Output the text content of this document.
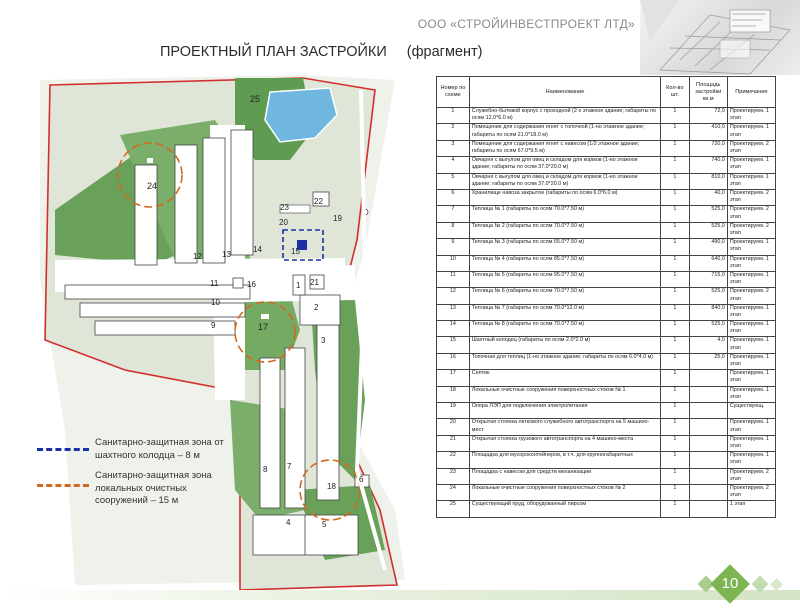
ООО «СТРОЙИНВЕСТПРОЕКТ ЛТД»
ПРОЕКТНЫЙ ПЛАН ЗАСТРОЙКИ (фрагмент)
25
24
23
22
20	19
15
12	13
14
11	16	1 21
10
2
9	17
3
8 7
18
6
4	5
Санитарно-защитная зона от шахтного колодца – 8 м
Санитарно-защитная зона локальных очистных сооружений – 15 м
Номер по схеме	Наименование	Кол-во шт.	Площадь застройки кв.м	Примечание
1	Служебно-бытовой корпус с проходной (2-х этажное здание; габариты по осям 12.0*6.0 м)	1	72,0	Проектируем. 1 этап
2	Помещение для содержания ягнят с топочной (1-но этажное здание; габариты по осям 21.0*18.0 м)	1	410,0	Проектируем. 1 этап
3	Помещение для содержания ягнят с навесом (1/2 этажное здание; габариты по осям 67.0*9.5 м)	1	720,0	Проектируем. 2 этап
4	Овчарня с выгулом для овец и складом для кормов (1-но этажное здание; габариты по осям 37.0*20.0 м)	1	740,0	Проектируем. 1 этап
5	Овчарня с выгулом для овец и складом для кормов (1-но этажное здание; габариты по осям 37.0*20.0 м)	1	810,0	Проектируем. 1 этап
6	Хранилище навоза закрытое (габариты по осям 6.0*6.0 м)	1	40,0	Проектируем. 2 этап
7	Теплица № 1 (габариты по осям 70.0*7.50 м)	1	525,0	Проектируем. 2 этап
8	Теплица № 2 (габариты по осям 70.0*7.50 м)	1	525,0	Проектируем. 2 этап
9	Теплица № 3 (габариты по осям 65.0*7.50 м)	1	490,0	Проектируем. 1 этап
10	Теплица № 4 (габариты по осям 85.0*7.50 м)	1	640,0	Проектируем. 1 этап
11	Теплица № 5 (габариты по осям 95.0*7.50 м)	1	715,0	Проектируем. 1 этап
12	Теплица № 6 (габариты по осям 70.0*7.50 м)	1	525,0	Проектируем. 2 этап
13	Теплица № 7 (габариты по осям 70.0*12.0 м)	1	840,0	Проектируем. 1 этап
14	Теплица № 8 (габариты по осям 70.0*7.50 м)	1	525,0	Проектируем. 1 этап
15	Шахтный колодец (габариты по осям 2.0*2.0 м)	1	4,0	Проектируем. 1 этап
16	Топочная для теплиц (1-но этажное здание; габариты по осям 6.0*4.0 м)	1	25,0	Проектируем. 1 этап
17	Септик	1		Проектируем. 1 этап
18	Локальные очистные сооружения поверхностных стоков № 1	1		Проектируем. 1 этап
19	Опора ЛЭП для подключения электропитания	1		Существующ.
20	Открытая стоянка легкового служебного автотранспорта на 5 машино-мест	1		Проектируем. 1 этап
21	Открытая стоянка грузового автотранспорта на 4 машино-места	1		Проектируем. 1 этап
22	Площадка для мусороконтейнеров, в т.ч. для крупногабаритных	1		Проектируем. 1 этап
23	Площадка с навесом для средств механизации	1		Проектируем. 2 этап
24	Локальные очистные сооружения поверхностных стоков № 2	1		Проектируем. 2 этап
25	Существующий пруд, оборудованный пирсом	1		1 этап
10
